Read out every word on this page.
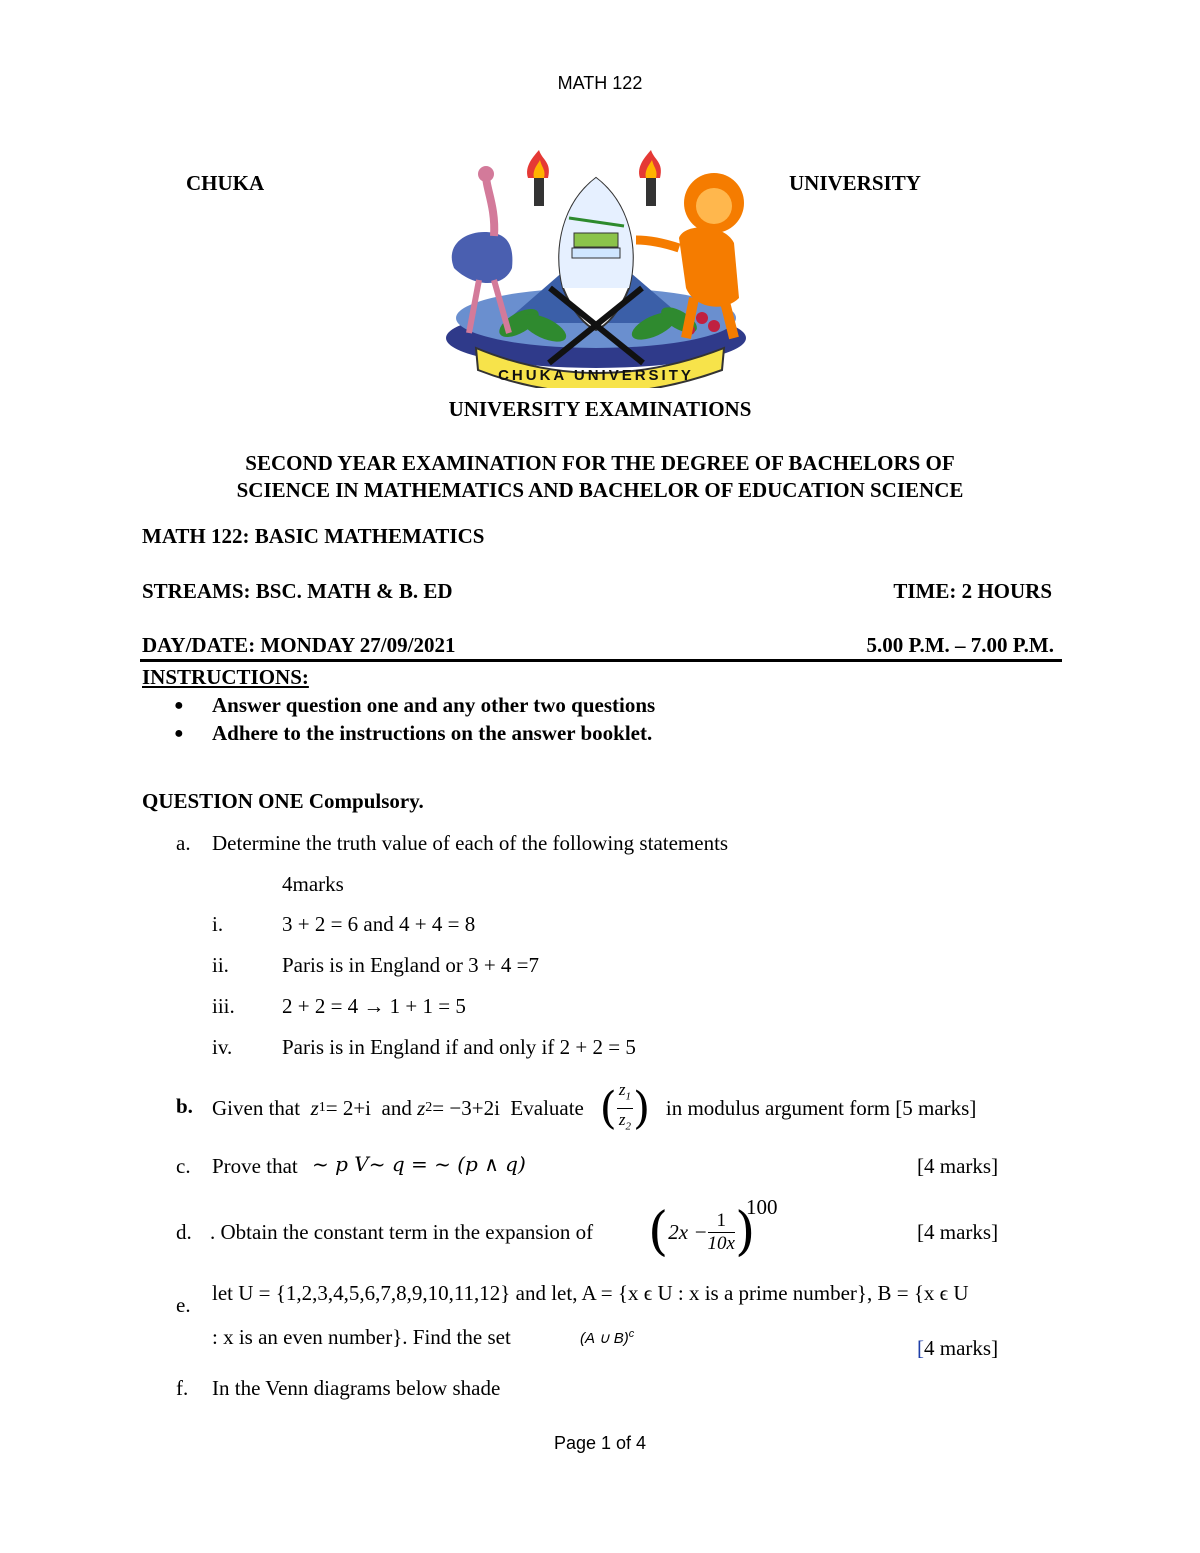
MATH 122
CHUKA	UNIVERSITY
CHUKA UNIVERSITY
UNIVERSITY EXAMINATIONS
SECOND YEAR EXAMINATION FOR THE DEGREE OF BACHELORS OF
SCIENCE IN MATHEMATICS AND BACHELOR OF EDUCATION SCIENCE
MATH 122: BASIC MATHEMATICS
STREAMS: BSC. MATH & B. ED	TIME: 2 HOURS
DAY/DATE: MONDAY 27/09/2021	5.00 P.M. – 7.00 P.M.
INSTRUCTIONS:
● Answer question one and any other two questions
● Adhere to the instructions on the answer booklet.
QUESTION ONE Compulsory.
a. Determine the truth value of each of the following statements
4marks
i.	3 + 2 = 6 and 4 + 4 = 8
ii.	Paris is in England or 3 + 4 =7
iii. 2 + 2 = 4 → 1 + 1 = 5
iv. Paris is in England if and only if 2 + 2 = 5
b. Given that
z 1 = 2+i
and
z 2 = −3+2i
Evaluate
( $\frac{z_1}{z_2}$ )
in modulus argument form [5 marks]
c. Prove that ~ p V~ q = ~ (p ∧ q)	[4 marks]
d. . Obtain the constant term in the expansion of ( $2x - \frac{1}{10x}$ )
100
[4 marks]
e. let U = {1,2,3,4,5,6,7,8,9,10,11,12} and let, A = {x ϵ U : x is a prime number}, B = {x ϵ U
: x is an even number}. Find the set	(A ∪ B)$^c$
[4 marks]
f. In the Venn diagrams below shade
Page 1 of 4
